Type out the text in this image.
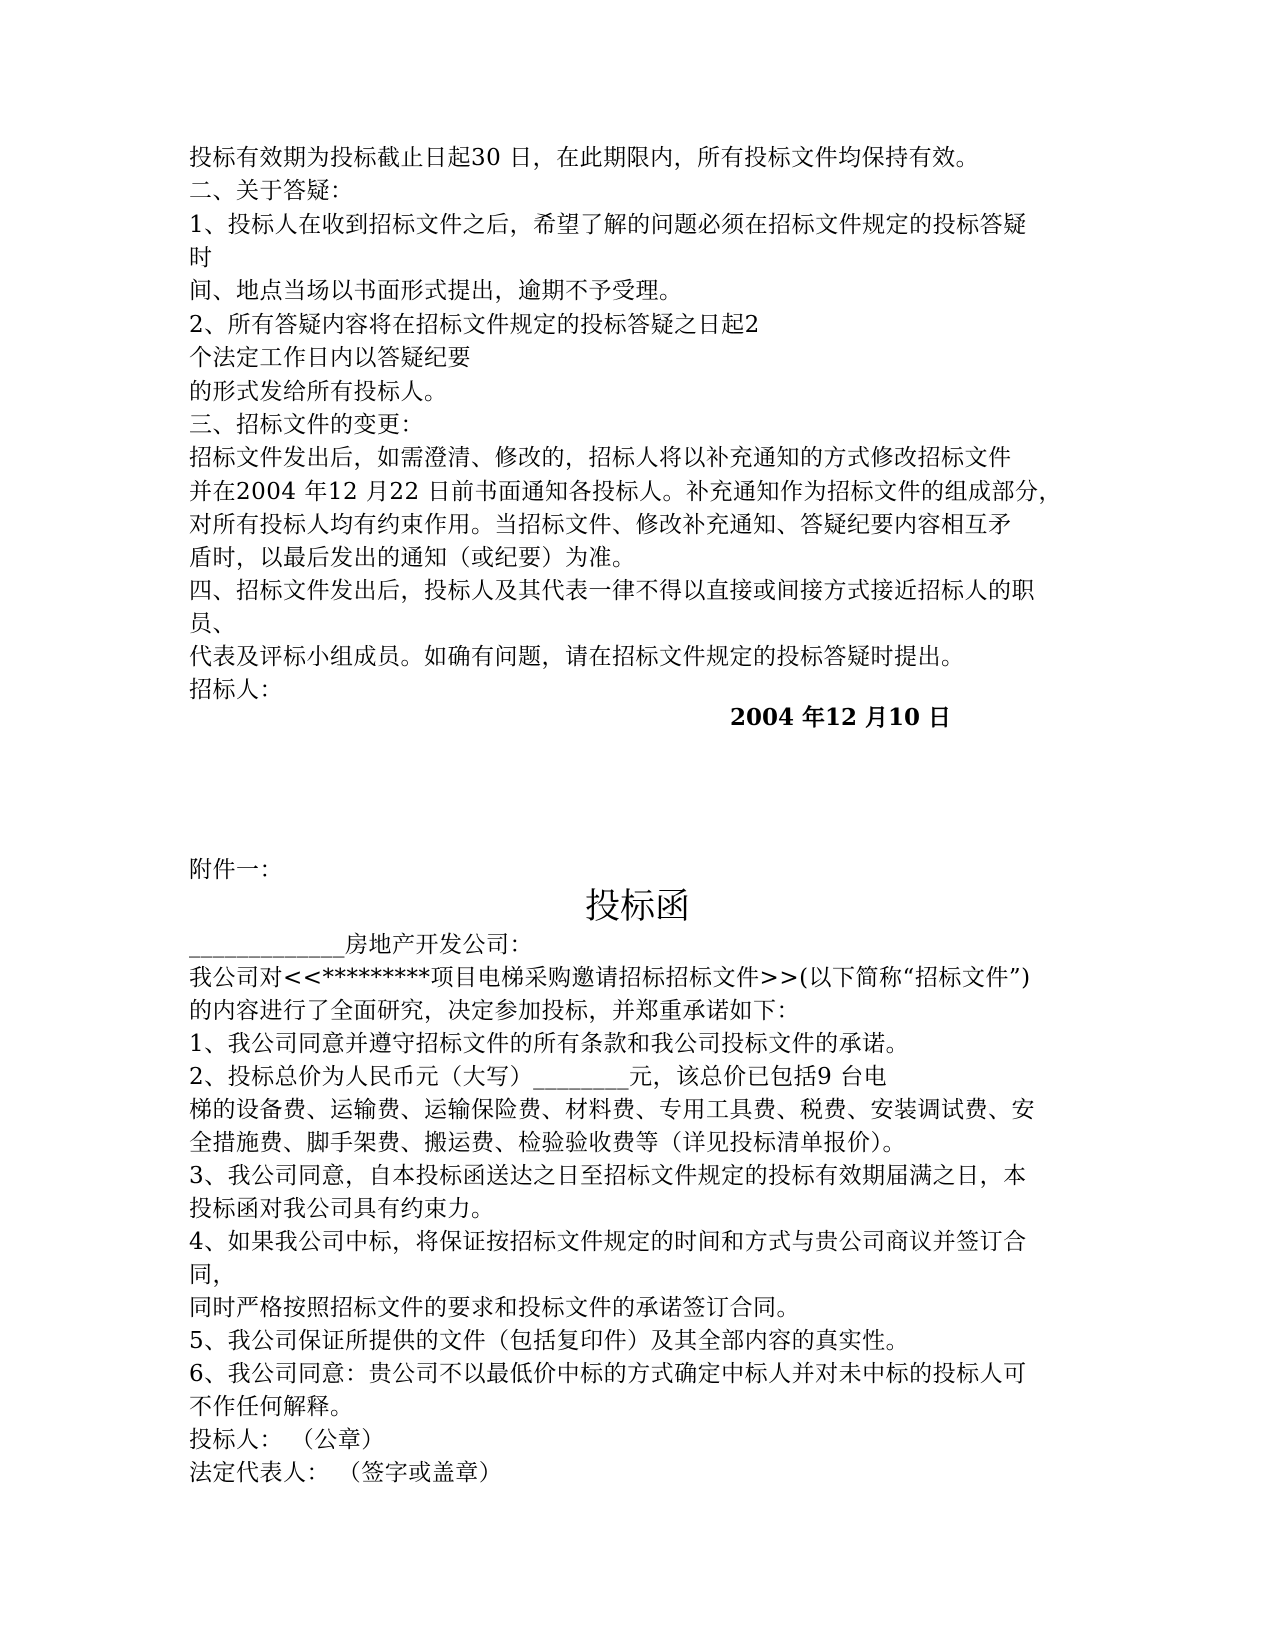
投标有效期为投标截止日起30 日，在此期限内，所有投标文件均保持有效。
二、关于答疑：
1、投标人在收到招标文件之后，希望了解的问题必须在招标文件规定的投标答疑
时
间、地点当场以书面形式提出，逾期不予受理。
2、所有答疑内容将在招标文件规定的投标答疑之日起2
个法定工作日内以答疑纪要
的形式发给所有投标人。
三、招标文件的变更：
招标文件发出后，如需澄清、修改的，招标人将以补充通知的方式修改招标文件
并在2004 年12 月22 日前书面通知各投标人。补充通知作为招标文件的组成部分，
对所有投标人均有约束作用。当招标文件、修改补充通知、答疑纪要内容相互矛
盾时，以最后发出的通知（或纪要）为准。
四、招标文件发出后，投标人及其代表一律不得以直接或间接方式接近招标人的职
员、
代表及评标小组成员。如确有问题，请在招标文件规定的投标答疑时提出。
招标人：
2004 年12 月10 日
附件一：
投标函
_____________房地产开发公司：
我公司对<<*********项目电梯采购邀请招标招标文件>>(以下简称“招标文件”)
的内容进行了全面研究，决定参加投标，并郑重承诺如下：
1、我公司同意并遵守招标文件的所有条款和我公司投标文件的承诺。
2、投标总价为人民币元（大写）________元，该总价已包括9 台电
梯的设备费、运输费、运输保险费、材料费、专用工具费、税费、安装调试费、安
全措施费、脚手架费、搬运费、检验验收费等（详见投标清单报价）。
3、我公司同意，自本投标函送达之日至招标文件规定的投标有效期届满之日，本
投标函对我公司具有约束力。
4、如果我公司中标，将保证按招标文件规定的时间和方式与贵公司商议并签订合
同，
同时严格按照招标文件的要求和投标文件的承诺签订合同。
5、我公司保证所提供的文件（包括复印件）及其全部内容的真实性。
6、我公司同意：贵公司不以最低价中标的方式确定中标人并对未中标的投标人可
不作任何解释。
投标人： （公章）
法定代表人： （签字或盖章）
